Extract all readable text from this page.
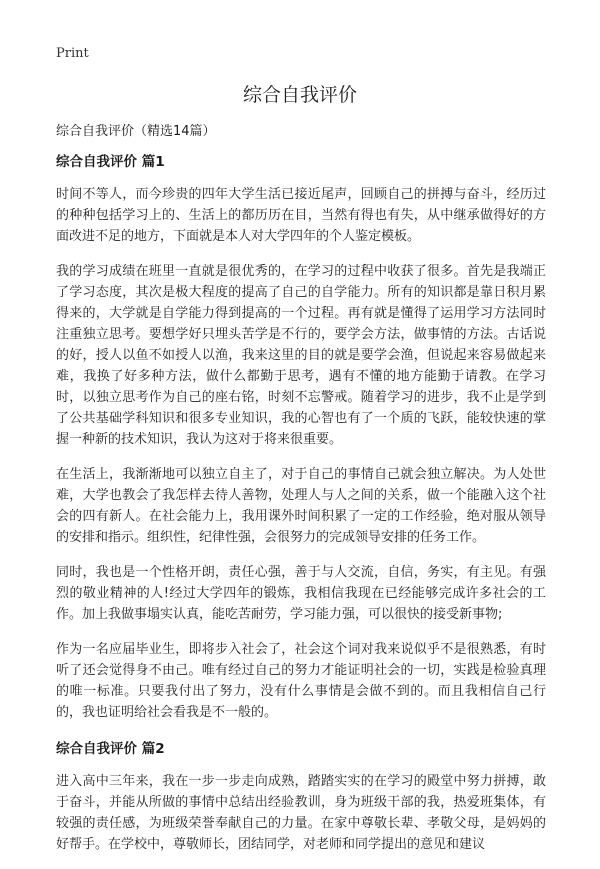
Print
综合自我评价

综合自我评价（精选14篇）

综合自我评价 篇1

时间不等人，而今珍贵的四年大学生活已接近尾声，回顾自己的拼搏与奋斗，经历过的种种包括学习上的、生活上的都历历在目，当然有得也有失，从中继承做得好的方面改进不足的地方，下面就是本人对大学四年的个人鉴定模板。

我的学习成绩在班里一直就是很优秀的，在学习的过程中收获了很多。首先是我端正了学习态度，其次是极大程度的提高了自己的自学能力。所有的知识都是靠日积月累得来的，大学就是自学能力得到提高的一个过程。再有就是懂得了运用学习方法同时注重独立思考。要想学好只埋头苦学是不行的，要学会方法，做事情的方法。古话说的好，授人以鱼不如授人以渔，我来这里的目的就是要学会渔，但说起来容易做起来难，我换了好多种方法，做什么都勤于思考，遇有不懂的地方能勤于请教。在学习时，以独立思考作为自己的座右铭，时刻不忘警戒。随着学习的进步，我不止是学到了公共基础学科知识和很多专业知识，我的心智也有了一个质的飞跃，能较快速的掌握一种新的技术知识，我认为这对于将来很重要。

在生活上，我渐渐地可以独立自主了，对于自己的事情自己就会独立解决。为人处世难，大学也教会了我怎样去待人善物，处理人与人之间的关系，做一个能融入这个社会的四有新人。在社会能力上，我用课外时间积累了一定的工作经验，绝对服从领导的安排和指示。组织性，纪律性强，会很努力的完成领导安排的任务工作。

同时，我也是一个性格开朗，责任心强，善于与人交流，自信，务实，有主见。有强烈的敬业精神的人!经过大学四年的锻炼，我相信我现在已经能够完成许多社会的工作。加上我做事塌实认真，能吃苦耐劳，学习能力强，可以很快的接受新事物;

作为一名应届毕业生，即将步入社会了，社会这个词对我来说似乎不是很熟悉，有时听了还会觉得身不由己。唯有经过自己的努力才能证明社会的一切，实践是检验真理的唯一标准。只要我付出了努力，没有什么事情是会做不到的。而且我相信自己行的，我也证明给社会看我是不一般的。

综合自我评价 篇2

进入高中三年来，我在一步一步走向成熟，踏踏实实的在学习的殿堂中努力拼搏，敢于奋斗，并能从所做的事情中总结出经验教训，身为班级干部的我，热爱班集体，有较强的责任感，为班级荣誉奉献自己的力量。在家中尊敬长辈、孝敬父母，是妈妈的好帮手。在学校中，尊敬师长，团结同学，对老师和同学提出的意见和建议
